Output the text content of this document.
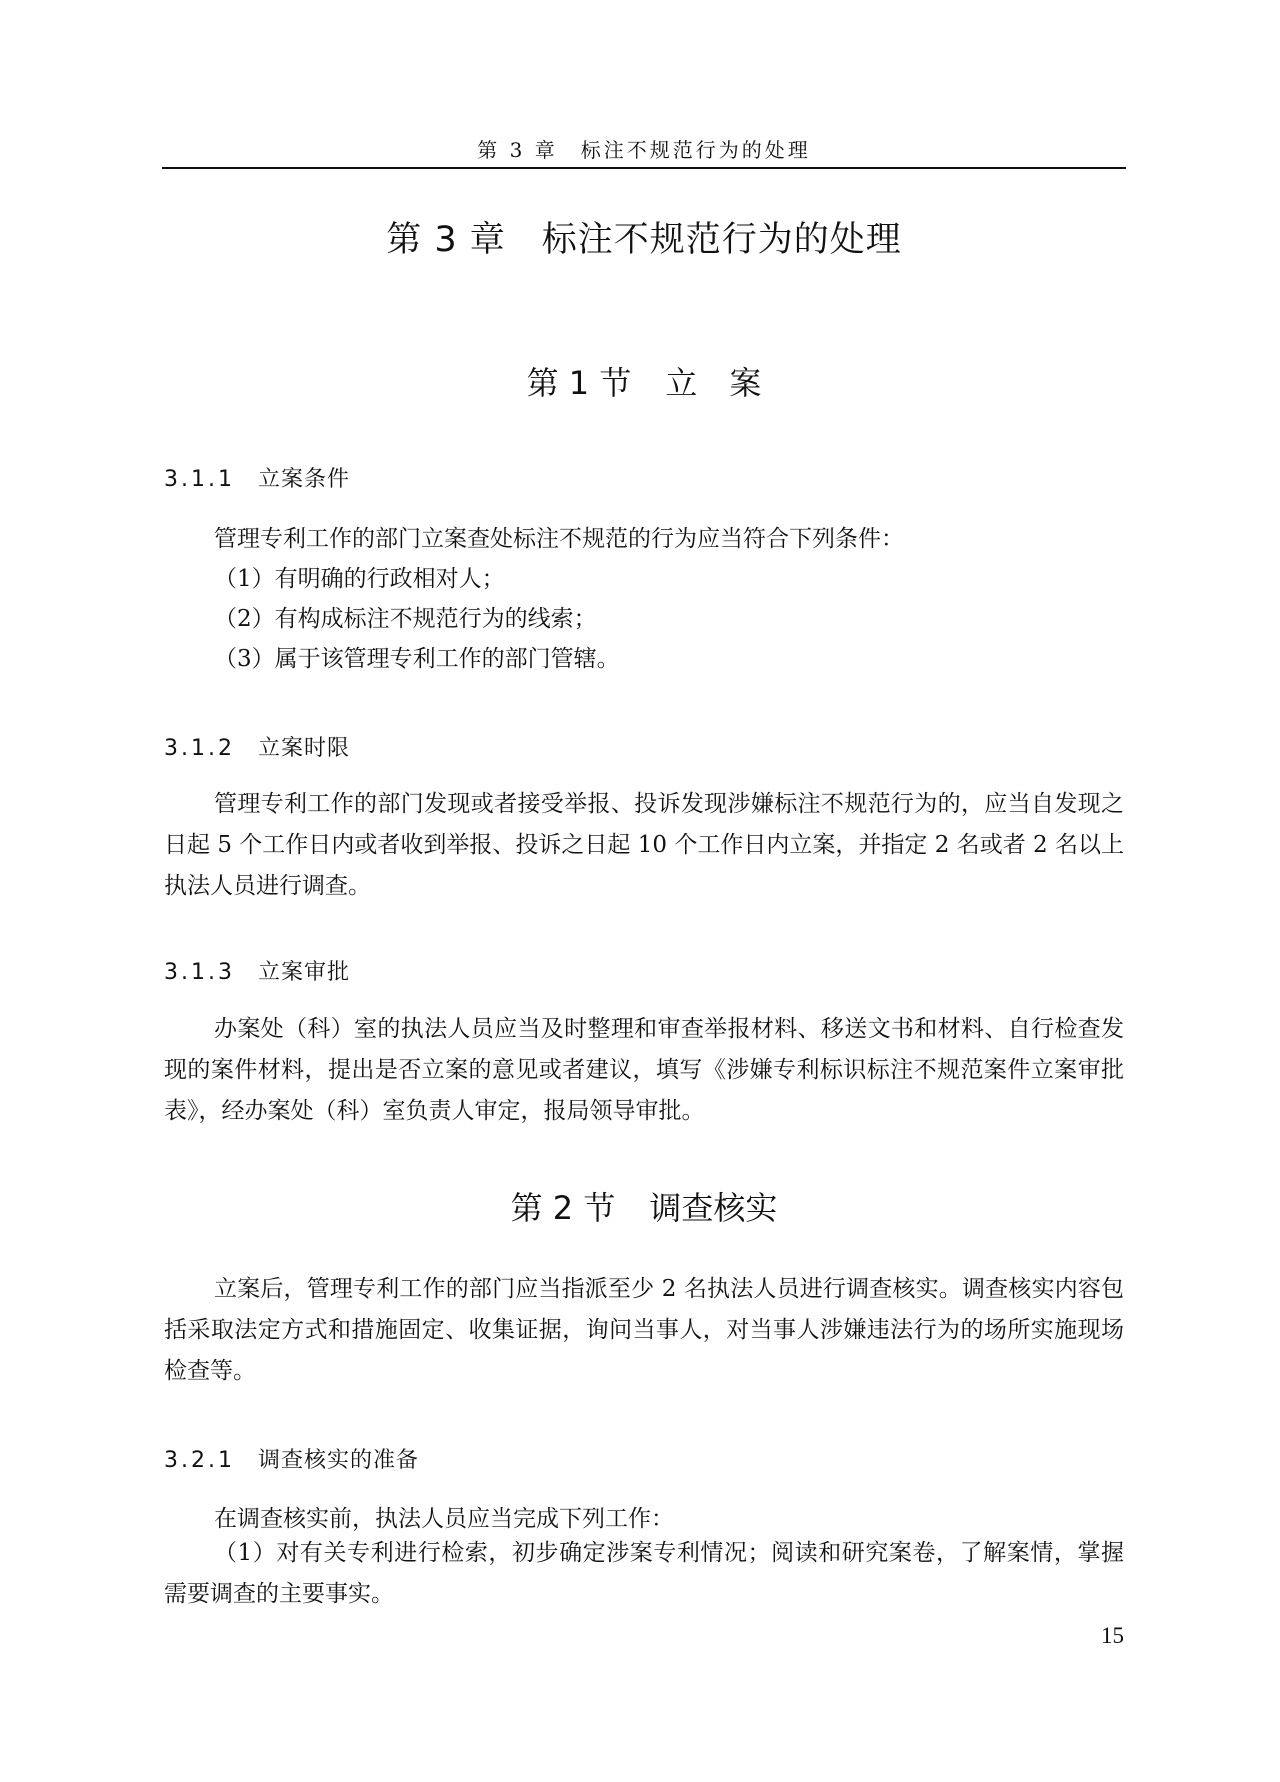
第 3 章　标注不规范行为的处理
第 3 章 标注不规范行为的处理
第 1 节 立　案
3.1.1 立案条件
管理专利工作的部门立案查处标注不规范的行为应当符合下列条件：
（1）有明确的行政相对人；
（2）有构成标注不规范行为的线索；
（3）属于该管理专利工作的部门管辖。
3.1.2 立案时限
管理专利工作的部门发现或者接受举报、投诉发现涉嫌标注不规范行为的，应当自发现之日起 5 个工作日内或者收到举报、投诉之日起 10 个工作日内立案，并指定 2 名或者 2 名以上执法人员进行调查。
3.1.3 立案审批
办案处（科）室的执法人员应当及时整理和审查举报材料、移送文书和材料、自行检查发现的案件材料，提出是否立案的意见或者建议，填写《涉嫌专利标识标注不规范案件立案审批表》，经办案处（科）室负责人审定，报局领导审批。
第 2 节 调查核实
立案后，管理专利工作的部门应当指派至少 2 名执法人员进行调查核实。调查核实内容包括采取法定方式和措施固定、收集证据，询问当事人，对当事人涉嫌违法行为的场所实施现场检查等。
3.2.1 调查核实的准备
在调查核实前，执法人员应当完成下列工作：
（1）对有关专利进行检索，初步确定涉案专利情况；阅读和研究案卷，了解案情，掌握需要调查的主要事实。
15
